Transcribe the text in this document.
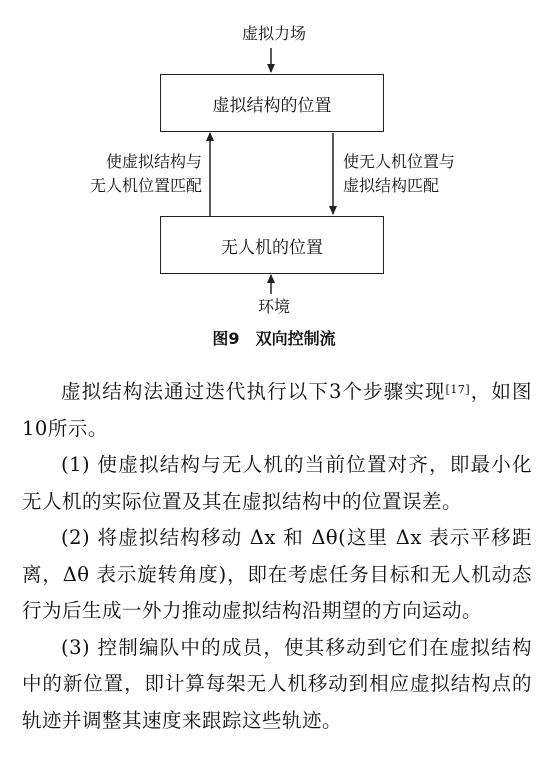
虚拟力场
虚拟结构的位置
使虚拟结构与
无人机位置匹配
使无人机位置与
虚拟结构匹配
无人机的位置
环境
图9 双向控制流

虚拟结构法通过迭代执行以下3个步骤实现[17]，如图10所示。

(1) 使虚拟结构与无人机的当前位置对齐，即最小化无人机的实际位置及其在虚拟结构中的位置误差。

(2) 将虚拟结构移动 Δx 和 Δθ(这里 Δx 表示平移距离，Δθ 表示旋转角度)，即在考虑任务目标和无人机动态行为后生成一外力推动虚拟结构沿期望的方向运动。

(3) 控制编队中的成员，使其移动到它们在虚拟结构中的新位置，即计算每架无人机移动到相应虚拟结构点的轨迹并调整其速度来跟踪这些轨迹。
